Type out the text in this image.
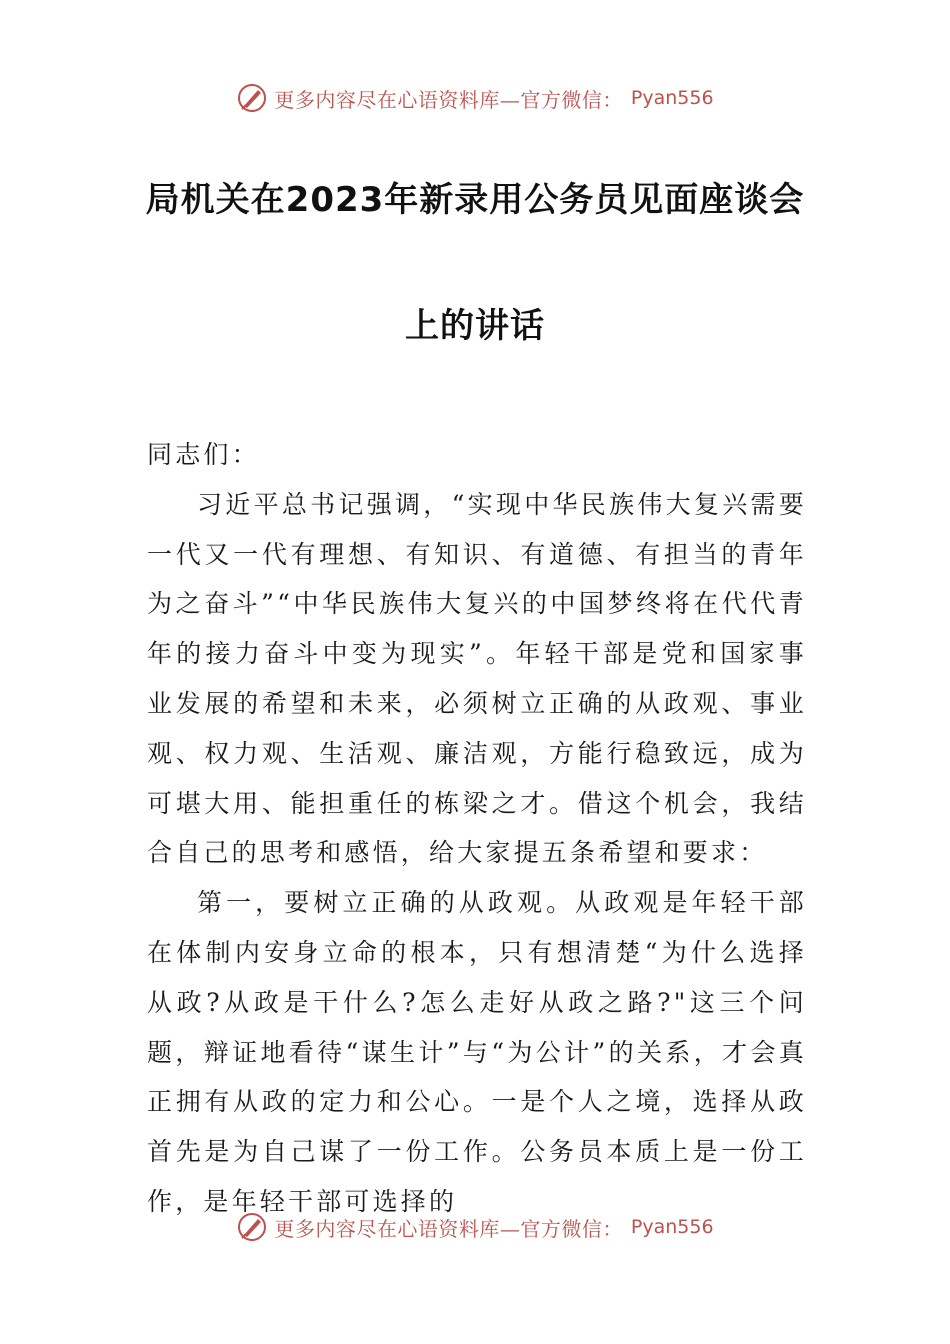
更多内容尽在心语资料库—官方微信： Pyan556
局机关在2023年新录用公务员见面座谈会
上的讲话

同志们：

习近平总书记强调，“实现中华民族伟大复兴需要一代又一代有理想、有知识、有道德、有担当的青年为之奋斗”“中华民族伟大复兴的中国梦终将在代代青年的接力奋斗中变为现实”。年轻干部是党和国家事业发展的希望和未来，必须树立正确的从政观、事业观、权力观、生活观、廉洁观，方能行稳致远，成为可堪大用、能担重任的栋梁之才。借这个机会，我结合自己的思考和感悟，给大家提五条希望和要求：

第一，要树立正确的从政观。从政观是年轻干部在体制内安身立命的根本，只有想清楚“为什么选择从政?从政是干什么?怎么走好从政之路?"这三个问题，辩证地看待“谋生计”与“为公计”的关系，才会真正拥有从政的定力和公心。一是个人之境，选择从政首先是为自己谋了一份工作。公务员本质上是一份工作，是年轻干部可选择的

更多内容尽在心语资料库—官方微信： Pyan556
